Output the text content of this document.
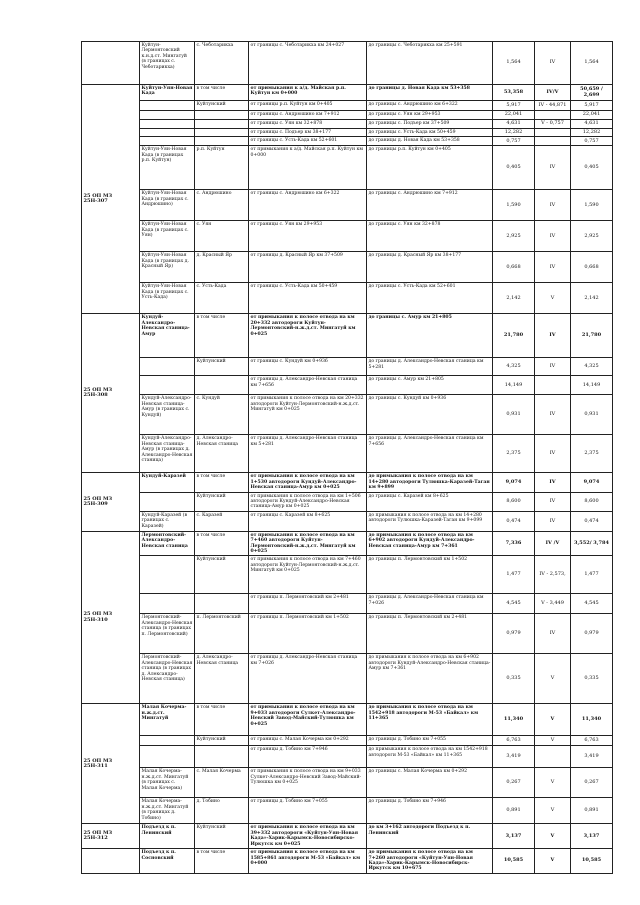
	Куйтун-Лермонтовский к.н.д.ст. Мингатуй (в границах с. Чеботарикха)	с. Чеботарикха	от границы с. Чеботарикха км 24+027	до границы с. Чеботарикха км 25+591	1,564	IV	1,564
25 ОП МЗ 25Н-307	Куйтун-Уян-Новая Када	в том числе	от примыкания к а/д. Майская р.п. Куйтун км 0+000	до границы д. Новая Када км 53+358	53,358	IV/V	50,659 / 2,699
		Куйтунский	от границы р.п. Куйтун км 0+405	до границы с. Андрюшино км 6+322	5,917	IV - 44,871	5,917
			от границы с. Андрюшино км 7+912	до границы с. Уян км 29+953	22,041		22,041
			от границы с. Уян км 32+878	до границы с. Подъер км 37+509	4,631	V - 0,757	4,631
			от границы с. Подъер км 38+177	до границы с. Усть-Када км 50+459	12,282		12,282
			от границы с. Усть-Када км 52+601	до границы д. Новая Када км 53+358	0,757		0,757
	Куйтун-Уян-Новая Када (в границах р.п. Куйтун)	р.п. Куйтун	от примыкания к а/д. Майская р.п. Куйтун км 0+000	до границы р.п. Куйтун км 0+405	0,405	IV	0,405
	Куйтун-Уян-Новая Када (в границах с. Андрюшино)	с. Андрюшино	от границы с. Андрюшино км 6+322	до границы с. Андрюшино км 7+912	1,590	IV	1,590
	Куйтун-Уян-Новая Када (в границах с. Уян)	с. Уян	от границы с. Уян км 29+953	до границы с. Уян км 32+878	2,925	IV	2,925
	Куйтун-Уян-Новая Када (в границах д. Красный Яр)	д. Красный Яр	от границы д. Красный Яр км 37+509	до границы д. Красный Яр км 38+177	0,668	IV	0,668
	Куйтун-Уян-Новая Када (в границах с. Усть-Када)	с. Усть-Када	от границы с. Усть-Када км 50+459	до границы с. Усть-Када км 52+601	2,142	V	2,142
25 ОП МЗ 25Н-308	Кундуй-Александро-Невская станица-Амур	в том числе	от примыкания к полосе отвода на км 20+332 автодороги Куйтун-Лермонтовский-н.ж.д.ст. Мингатуй км 0+025	до границы с. Амур км 21+805	21,780	IV	21,780
		Куйтунский	от границы с. Кундуй км 0+936	до границы д. Александро-Невская станица км 5+281	4,325	IV	4,325
			от границы д. Александро-Невская станица км 7+656	до границы с. Амур км 21+805	14,149		14,149
	Кундуй-Александро-Невская станица-Амур (в границах с. Кундуй)	с. Кундуй	от примыкания к полосе отвода на км 20+332 автодороги Куйтун-Лермонтовский-н.ж.д.ст. Мингатуй км 0+025	до границы с. Кундуй км 0+936	0,931	IV	0,931
	Кундуй-Александро-Невская станица-Амур (в границах д. Александро-Невская станица)	д. Александро-Невская станица	от границы д. Александро-Невская станица км 5+281	до границы д. Александро-Невская станица км 7+656	2,375	IV	2,375
25 ОП МЗ 25Н-309	Кундуй-Каразей	в том числе	от примыкания к полосе отвода на км 1+530 автодороги Кундуй-Александро-Невская станица-Амур км 0+025	до примыкания к полосе отвода на км 14+280 автодороги Тулюшка-Каразей-Таган км 9+899	9,074	IV	9,074
		Куйтунский	от примыкания к полосе отвода на км 1+506 автодороги Кундуй-Александро-Невская станица-Амур км 0+025	до границы с. Каразей км 8+625	8,600	IV	8,600
	Кундуй-Каразей (в границах с. Каразей)	с. Каразей	от границы с. Каразей км 8+625	до примыкания к полосе отвода на км 14+280 автодороги Тулюшка-Каразей-Таган км 9+099	0,474	IV	0,474
25 ОП МЗ 25Н-310	Лермонтовский-Александро-Невская станица	в том числе	от примыкания к полосе отвода на км 7+460 автодороги Куйтун-Лермонтовский-н.ж.д.ст. Мингатуй км 0+025	до примыкания к полосе отвода на км 6+902 автодороги Кундуй-Александро-Невская станица-Амур км 7+361	7,336	IV /V	3,552/ 3,784
		Куйтунский	от примыкания к полосе отвода на км 7+460 автодороги Куйтун-Лермонтовский-н.ж.д.ст. Мингатуй км 0+025	до границы п. Лермонтовский км 1+502	1,477	IV - 2,573,	1,477
			от границы п. Лермонтовский км 2+481	до границы д. Александро-Невская станица км 7+026	4,545	V - 3,449	4,545
	Лермонтовский-Александро-Невская станица (в границах п. Лермонтовский)	п. Лермонтовский	от границы п. Лермонтовский км 1+502	до границы п. Лермонтовский км 2+481	0,979	IV	0,979
	Лермонтовский-Александро-Невская станица (в границах д. Александро-Невская станица)	д. Александро-Невская станица	от границы д. Александро-Невская станица км 7+026	до примыкания к полосе отвода на км 6+902 автодороги Кундуй-Александро-Невская станица-Амур км 7+361	0,335	V	0,335
25 ОП МЗ 25Н-311	Малая Кочерма-н.ж.д.ст. Мингатуй	в том числе	от примыкания к полосе отвода на км 9+033 автодороги Сулкет-Александро-Невский Завод-Майский-Тулюшка км 0+025	до примыкания к полосе отвода на км 1542+918 автодороги М-53 «Байкал» км 11+365	11,340	V	11,340
		Куйтунский	от границы с. Малая Кочерма км 0+292	до границы д. Тобино км 7+055	6,763	V	6,763
			от границы д. Тобино км 7+946	до примыкания к полосе отвода на км 1542+918 автодороги М-53 «Байкал» км 11+365	3,419		3,419
	Малая Кочерма-н.ж.д.ст. Мингатуй (в границах с. Малая Кочерма)	с. Малая Кочерма	от примыкания к полосе отвода на км 9+033 Сулкет-Александро-Невский Завод-Майский-Тулюшка км 0+025	до границы с. Малая Кочерма км 0+292	0,267	V	0,267
	Малая Кочерма-н.ж.д.ст. Мингатуй (в границах д. Тобино)	д. Тобино	от границы д. Тобино км 7+055	до границы д. Тобино км 7+946	0,891	V	0,891
25 ОП МЗ 25Н-312	Подъезд к п. Ленинский	Куйтунский	от примыкания к полосе отвода на км 39+332 автодороги «Куйтун-Уян-Новая Када»-Харик-Карымск-Новосибирско-Иркутск км 0+025	до км 3+162 автодороги Подъезд к п. Ленинский	3,137	V	3,137
	Подъезд к п. Сосновский	в том числе	от примыкания к полосе отвода на км 1585+861 автодороги М-53 «Байкал» км 0+000	до примыкания к полосе отвода на км 7+260 автодороги «Куйтун-Уян-Новая Када»-Харик-Карымск-Новосибирск-Иркутск км 10+675	10,585	V	10,585
